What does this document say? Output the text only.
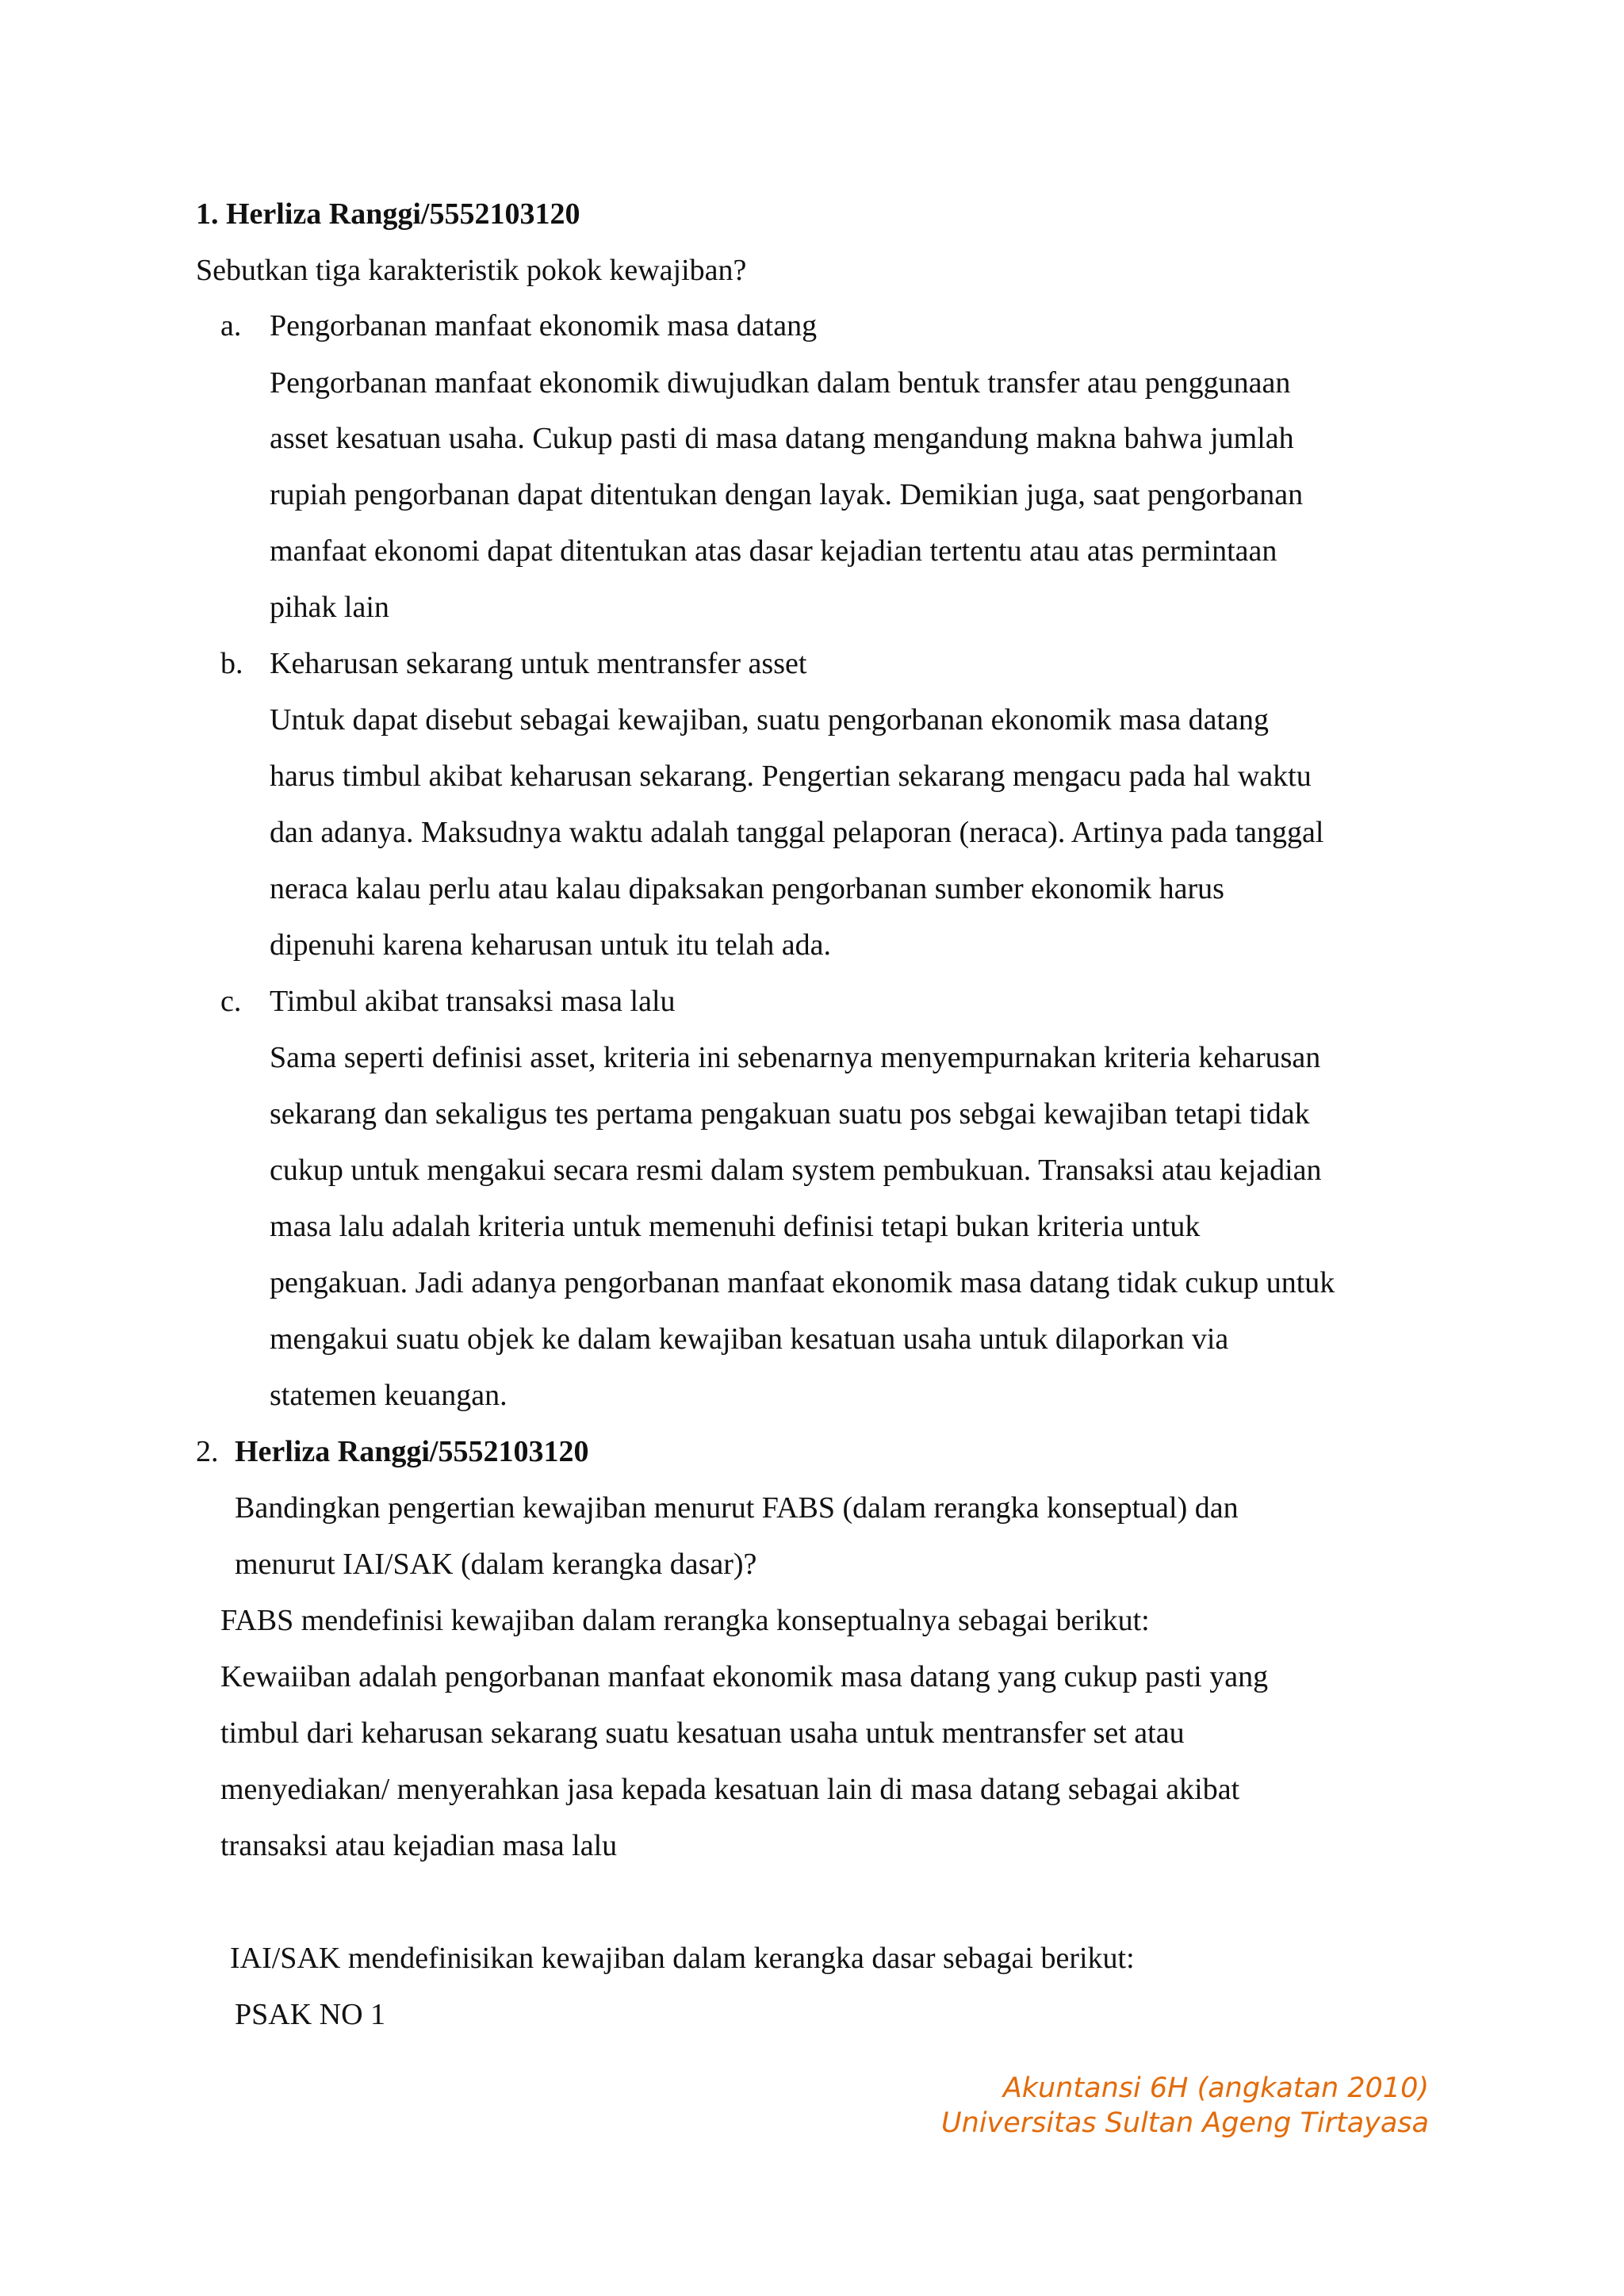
1. Herliza Ranggi/5552103120
Sebutkan tiga karakteristik pokok kewajiban?
a. Pengorbanan manfaat ekonomik masa datang
Pengorbanan manfaat ekonomik diwujudkan dalam bentuk transfer atau penggunaan
asset kesatuan usaha. Cukup pasti di masa datang mengandung makna bahwa jumlah
rupiah pengorbanan dapat ditentukan dengan layak. Demikian juga, saat pengorbanan
manfaat ekonomi dapat ditentukan atas dasar kejadian tertentu atau atas permintaan
pihak lain
b. Keharusan sekarang untuk mentransfer asset
Untuk dapat disebut sebagai kewajiban, suatu pengorbanan ekonomik masa datang
harus timbul akibat keharusan sekarang. Pengertian sekarang mengacu pada hal waktu
dan adanya. Maksudnya waktu adalah tanggal pelaporan (neraca). Artinya pada tanggal
neraca kalau perlu atau kalau dipaksakan pengorbanan sumber ekonomik harus
dipenuhi karena keharusan untuk itu telah ada.
c. Timbul akibat transaksi masa lalu
Sama seperti definisi asset, kriteria ini sebenarnya menyempurnakan kriteria keharusan
sekarang dan sekaligus tes pertama pengakuan suatu pos sebgai kewajiban tetapi tidak
cukup untuk mengakui secara resmi dalam system pembukuan. Transaksi atau kejadian
masa lalu adalah kriteria untuk memenuhi definisi tetapi bukan kriteria untuk
pengakuan. Jadi adanya pengorbanan manfaat ekonomik masa datang tidak cukup untuk
mengakui suatu objek ke dalam kewajiban kesatuan usaha untuk dilaporkan via
statemen keuangan.
2. Herliza Ranggi/5552103120
Bandingkan pengertian kewajiban menurut FABS (dalam rerangka konseptual) dan
menurut IAI/SAK (dalam kerangka dasar)?
FABS mendefinisi kewajiban dalam rerangka konseptualnya sebagai berikut:
Kewaiiban adalah pengorbanan manfaat ekonomik masa datang yang cukup pasti yang
timbul dari keharusan sekarang suatu kesatuan usaha untuk mentransfer set atau
menyediakan/ menyerahkan jasa kepada kesatuan lain di masa datang sebagai akibat
transaksi atau kejadian masa lalu
IAI/SAK mendefinisikan kewajiban dalam kerangka dasar sebagai berikut:
PSAK NO 1
Akuntansi 6H (angkatan 2010)
Universitas Sultan Ageng Tirtayasa
